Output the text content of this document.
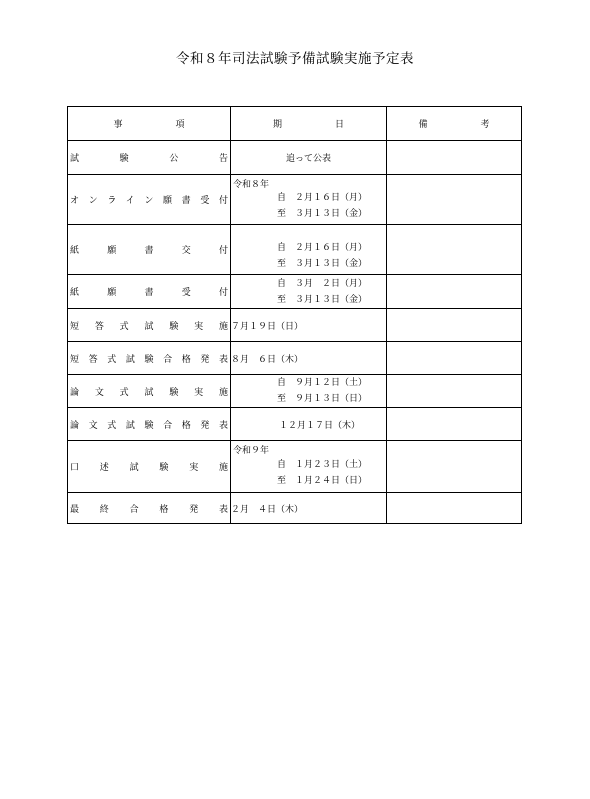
令和８年司法試験予備試験実施予定表
事　項	期　日	備　考

試験公告	追って公表	

オンライン願書受付	令和８年
自　２月１６日（月）
至　３月１３日（金）	

紙願書交付	自　２月１６日（月）
至　３月１３日（金）	

紙願書受付	自　３月　２日（月）
至　３月１３日（金）	

短答式試験実施	７月１９日（日）	

短答式試験合格発表	８月　６日（木）	

論文式試験実施	自　９月１２日（土）
至　９月１３日（日）	

論文式試験合格発表	１２月１７日（木）	

口述試験実施	令和９年
自　１月２３日（土）
至　１月２４日（日）	

最終合格発表	２月　４日（木）	
